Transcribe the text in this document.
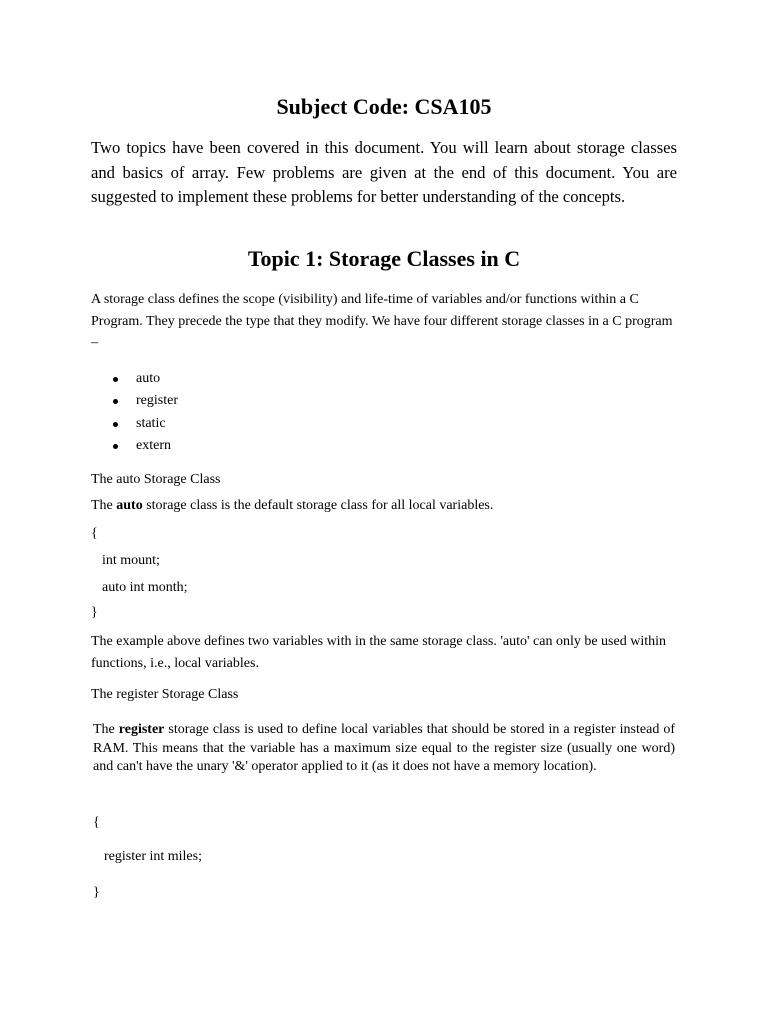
Subject Code: CSA105

Two topics have been covered in this document. You will learn about storage classes and basics of array. Few problems are given at the end of this document. You are suggested to implement these problems for better understanding of the concepts.

Topic 1: Storage Classes in C

A storage class defines the scope (visibility) and life-time of variables and/or functions within a C Program. They precede the type that they modify. We have four different storage classes in a C program –

auto
register
static
extern
The auto Storage Class
The auto storage class is the default storage class for all local variables.
{
int mount;
auto int month;
}

The example above defines two variables with in the same storage class. 'auto' can only be used within functions, i.e., local variables.

The register Storage Class

The register storage class is used to define local variables that should be stored in a register instead of RAM. This means that the variable has a maximum size equal to the register size (usually one word) and can't have the unary '&' operator applied to it (as it does not have a memory location).

{
register int miles;
}
